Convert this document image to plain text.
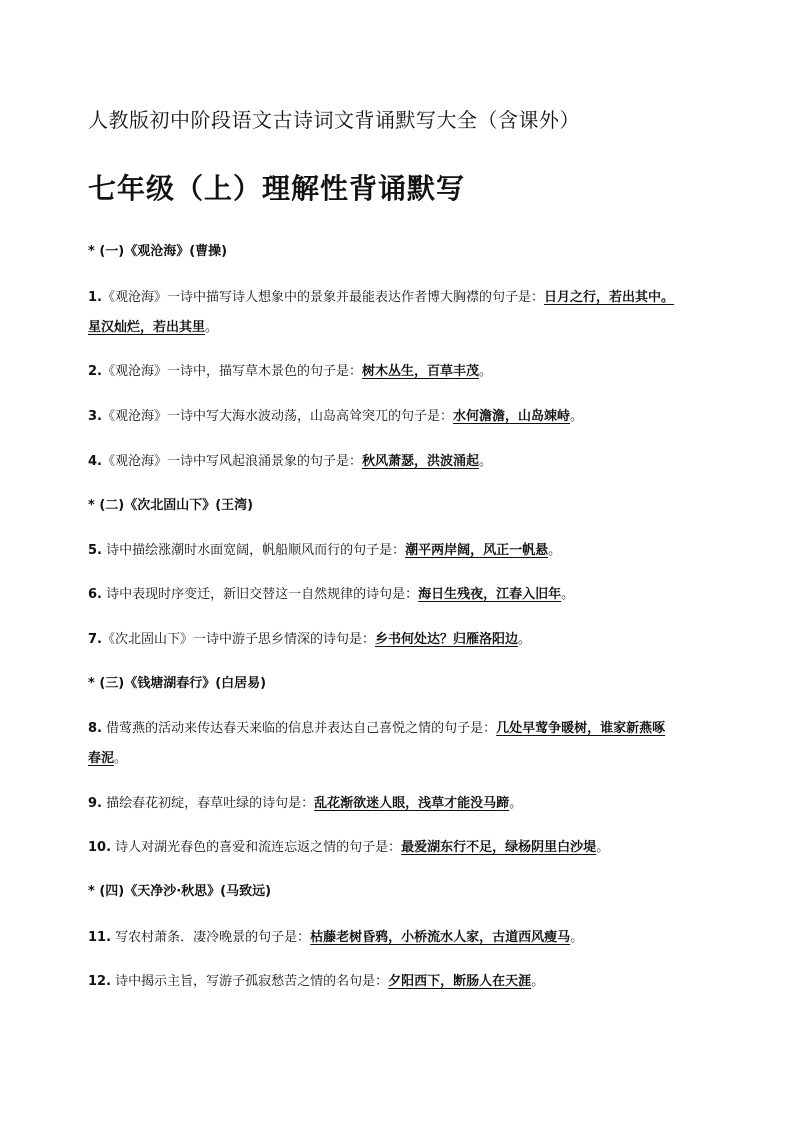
人教版初中阶段语文古诗词文背诵默写大全（含课外）
七年级（上）理解性背诵默写
* (一)《观沧海》(曹操)
1.《观沧海》一诗中描写诗人想象中的景象并最能表达作者博大胸襟的句子是：日月之行，若出其中。
星汉灿烂，若出其里。
2.《观沧海》一诗中，描写草木景色的句子是：树木丛生，百草丰茂。
3.《观沧海》一诗中写大海水波动荡，山岛高耸突兀的句子是：水何澹澹，山岛竦峙。
4.《观沧海》一诗中写风起浪涌景象的句子是：秋风萧瑟，洪波涌起。
* (二)《次北固山下》(王湾)
5. 诗中描绘涨潮时水面宽阔，帆船顺风而行的句子是：潮平两岸阔，风正一帆悬。
6. 诗中表现时序变迁，新旧交替这一自然规律的诗句是：海日生残夜，江春入旧年。
7.《次北固山下》一诗中游子思乡情深的诗句是：乡书何处达？归雁洛阳边。
* (三)《钱塘湖春行》(白居易)
8. 借莺燕的活动来传达春天来临的信息并表达自己喜悦之情的句子是：几处早莺争暖树，谁家新燕啄
春泥。
9. 描绘春花初绽，春草吐绿的诗句是：乱花渐欲迷人眼，浅草才能没马蹄。
10. 诗人对湖光春色的喜爱和流连忘返之情的句子是：最爱湖东行不足，绿杨阴里白沙堤。
* (四)《天净沙·秋思》(马致远)
11. 写农村萧条．凄冷晚景的句子是：枯藤老树昏鸦，小桥流水人家，古道西风瘦马。
12. 诗中揭示主旨，写游子孤寂愁苦之情的名句是：夕阳西下，断肠人在天涯。
